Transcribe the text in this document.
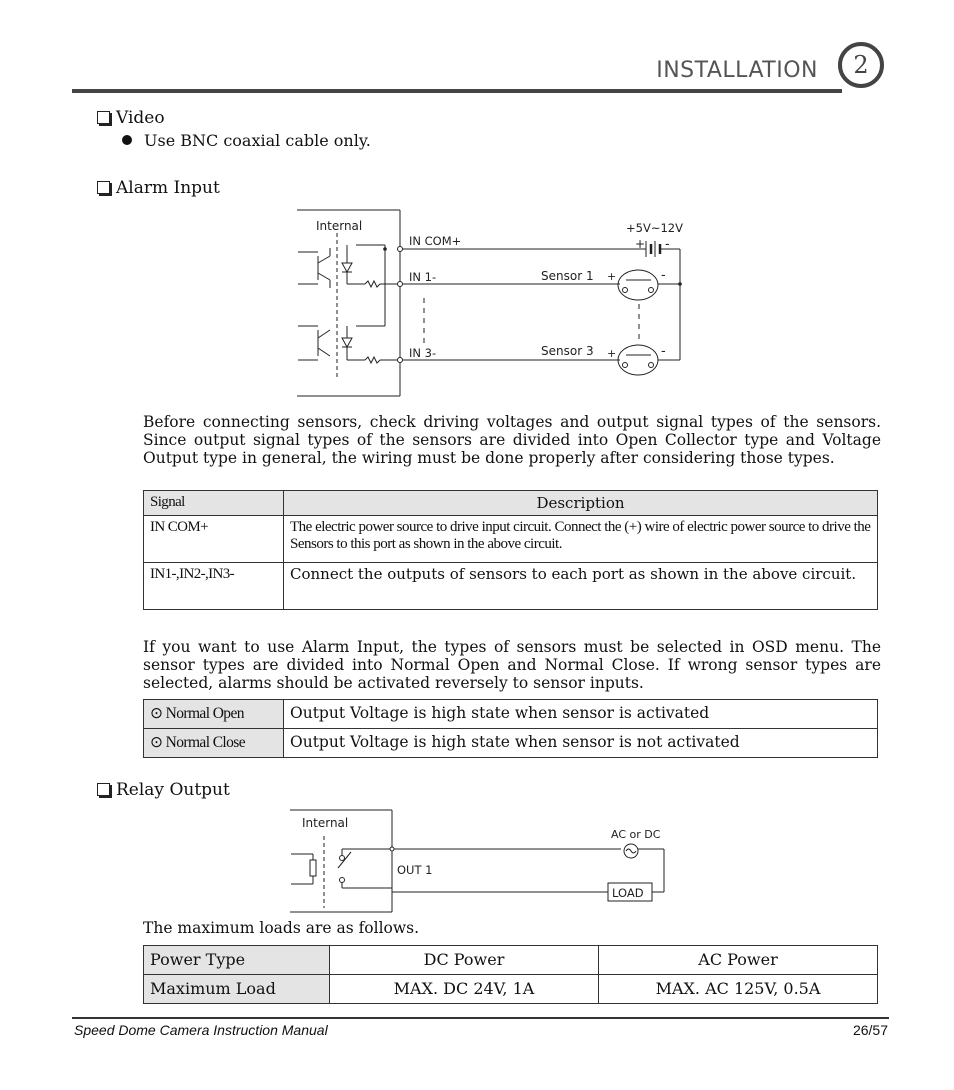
INSTALLATION 2
Video
Use BNC coaxial cable only.
Alarm Input
Internal
IN COM+
IN 1-
IN 3-
+5V~12V
+ -
Sensor 1 +	-
Sensor 3 +	-
Before connecting sensors, check driving voltages and output signal types of the sensors. Since output signal types of the sensors are divided into Open Collector type and Voltage Output type in general, the wiring must be done properly after considering those types.
Signal	Description
IN COM+	The electric power source to drive input circuit. Connect the (+) wire of electric power source to drive the Sensors to this port as shown in the above circuit.
IN1-,IN2-,IN3-	Connect the outputs of sensors to each port as shown in the above circuit.
If you want to use Alarm Input, the types of sensors must be selected in OSD menu. The sensor types are divided into Normal Open and Normal Close. If wrong sensor types are selected, alarms should be activated reversely to sensor inputs.
⊙ Normal Open	Output Voltage is high state when sensor is activated
⊙ Normal Close	Output Voltage is high state when sensor is not activated
Relay Output
Internal
OUT 1
AC or DC
LOAD
The maximum loads are as follows.
Power Type	DC Power	AC Power
Maximum Load	MAX. DC 24V, 1A	MAX. AC 125V, 0.5A
Speed Dome Camera Instruction Manual	26/57
